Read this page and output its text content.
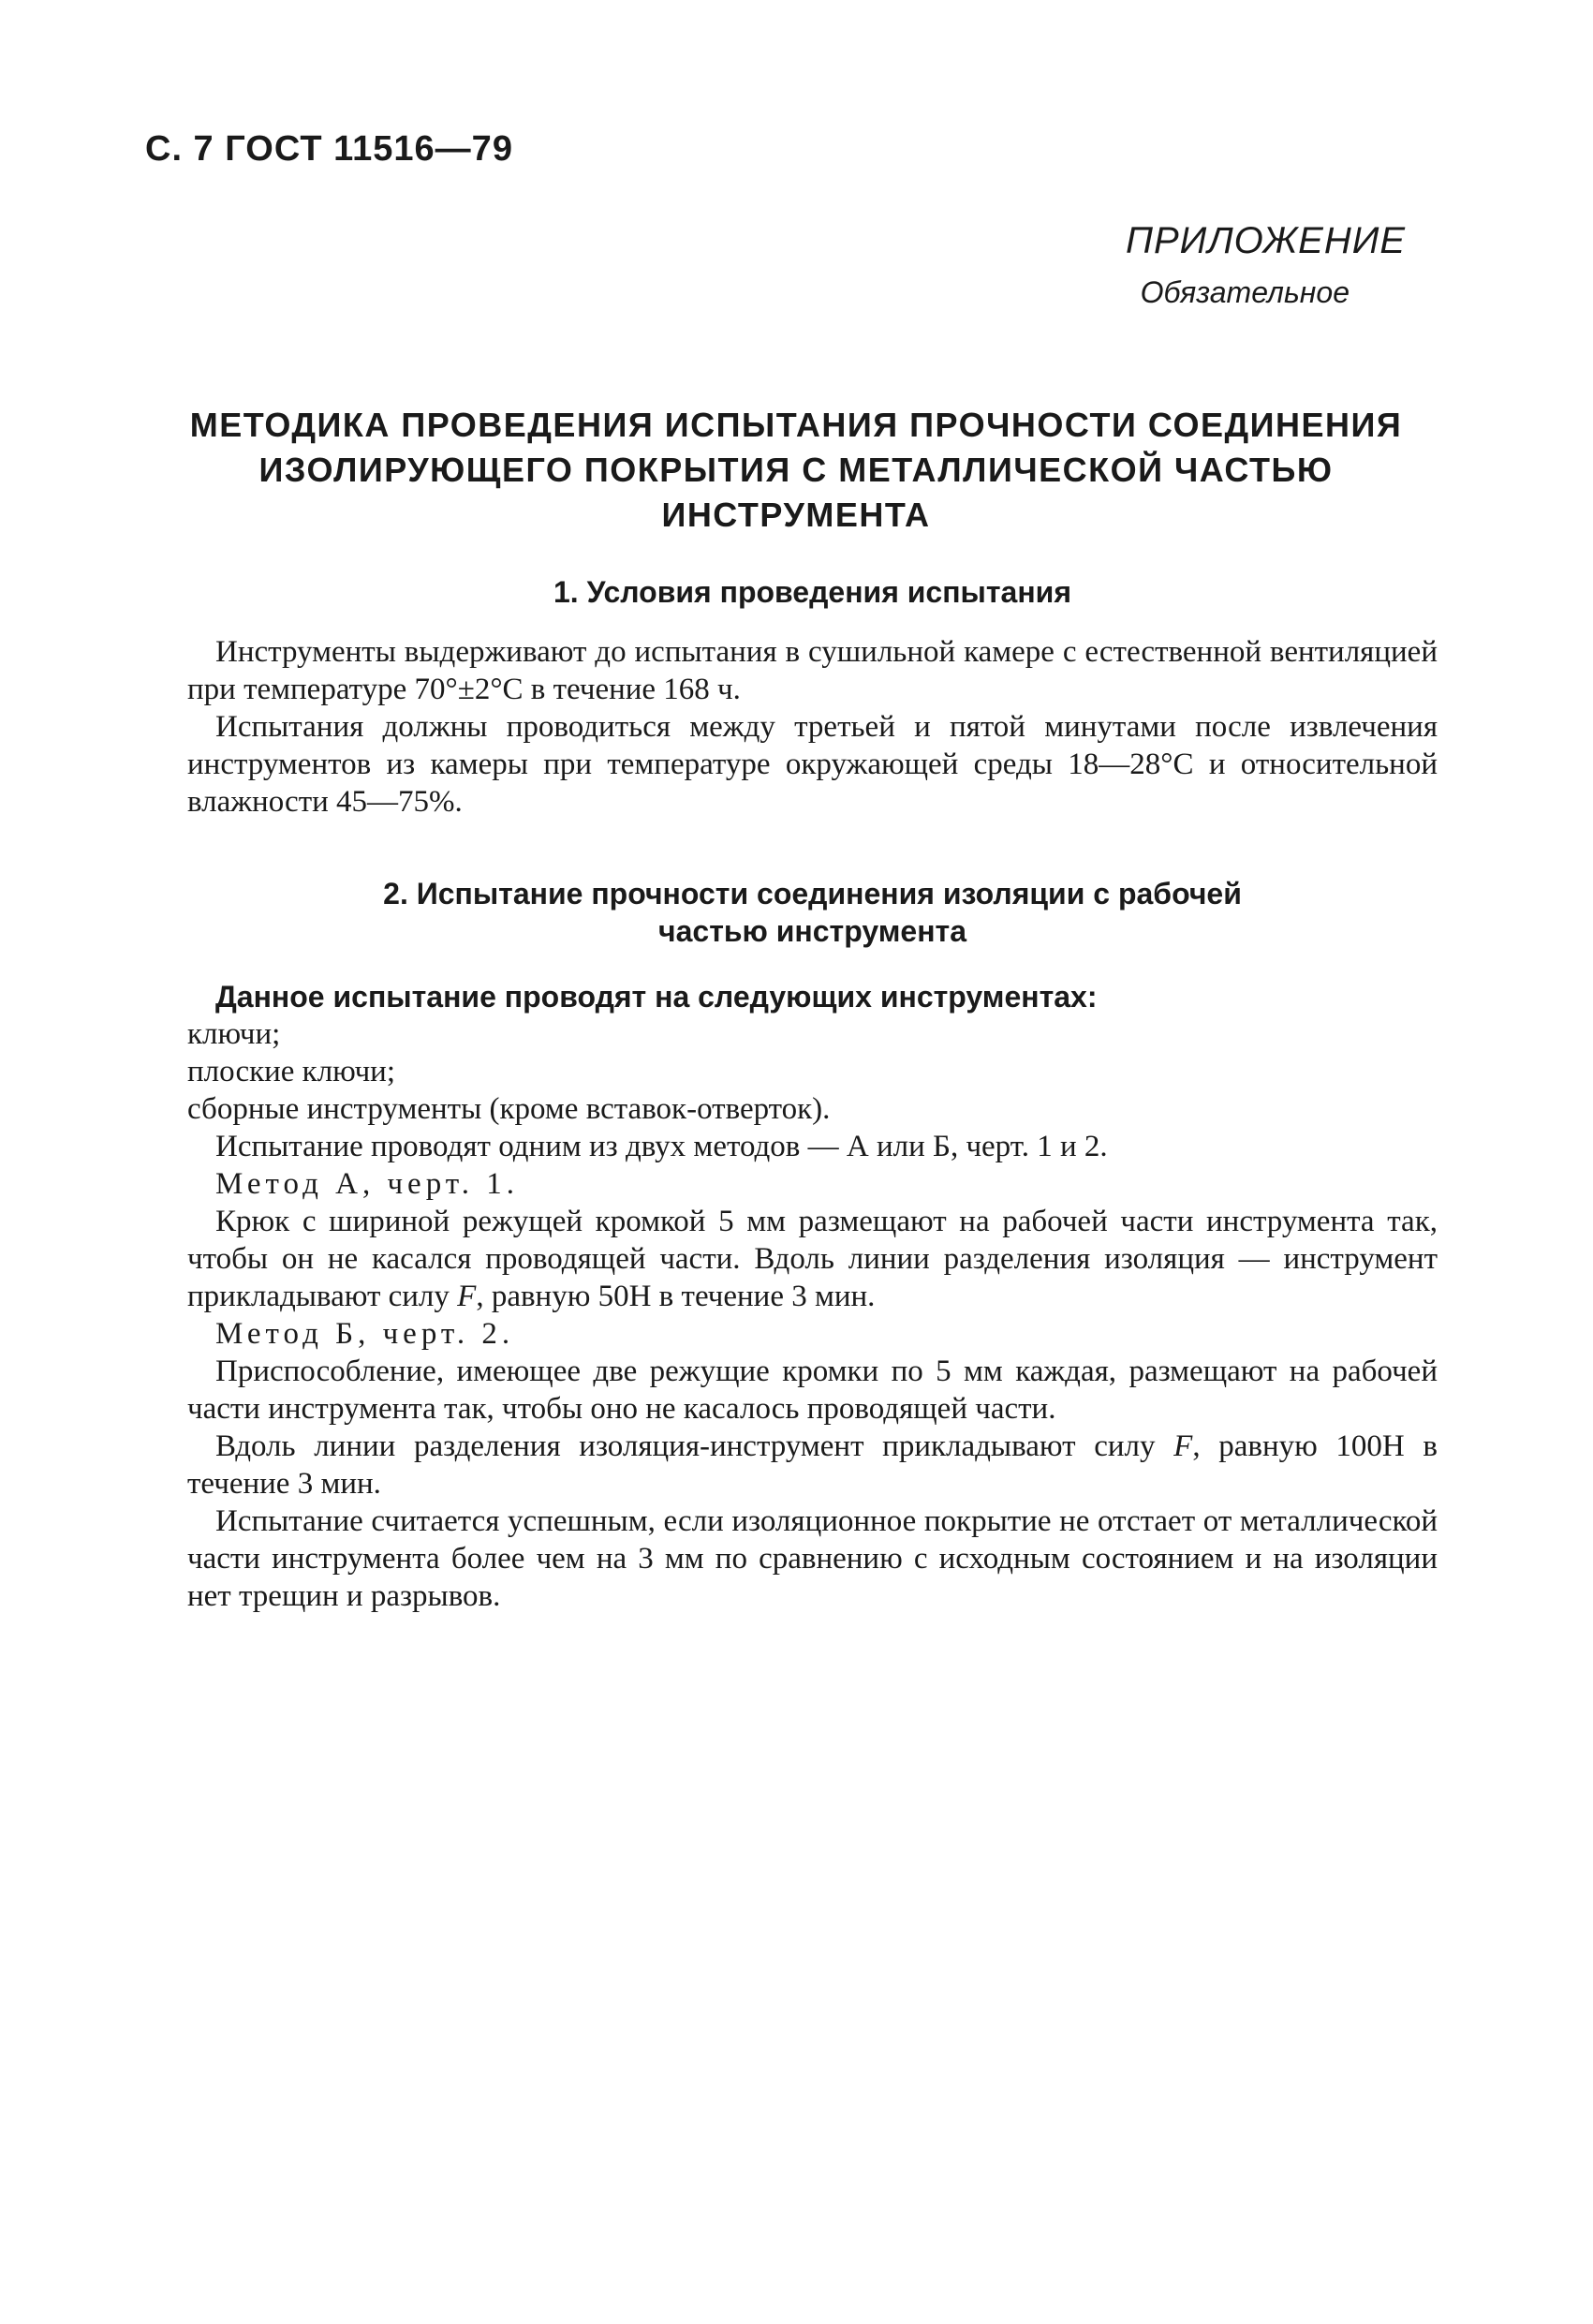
С. 7 ГОСТ 11516—79
ПРИЛОЖЕНИЕ
Обязательное
МЕТОДИКА ПРОВЕДЕНИЯ ИСПЫТАНИЯ ПРОЧНОСТИ СОЕДИНЕНИЯ
ИЗОЛИРУЮЩЕГО ПОКРЫТИЯ С МЕТАЛЛИЧЕСКОЙ ЧАСТЬЮ
ИНСТРУМЕНТА
1. Условия проведения испытания

Инструменты выдерживают до испытания в сушильной камере с естественной вентиляцией при температуре 70°±2°С в течение 168 ч.

Испытания должны проводиться между третьей и пятой минутами после извлечения инструментов из камеры при температуре окружающей среды 18—28°С и относительной влажности 45—75%.

2. Испытание прочности соединения изоляции с рабочей
частью инструмента

Данное испытание проводят на следующих инструментах:

ключи;

плоские ключи;

сборные инструменты (кроме вставок-отверток).

Испытание проводят одним из двух методов — А или Б, черт. 1 и 2.

Метод А, черт. 1.

Крюк с шириной режущей кромкой 5 мм размещают на рабочей части инструмента так, чтобы он не касался проводящей части. Вдоль линии разделения изоляция — инструмент прикладывают силу F, равную 50Н в течение 3 мин.

Метод Б, черт. 2.

Приспособление, имеющее две режущие кромки по 5 мм каждая, размещают на рабочей части инструмента так, чтобы оно не касалось проводящей части.

Вдоль линии разделения изоляция-инструмент прикладывают силу F, равную 100Н в течение 3 мин.

Испытание считается успешным, если изоляционное покрытие не отстает от металлической части инструмента более чем на 3 мм по сравнению с исходным состоянием и на изоляции нет трещин и разрывов.
